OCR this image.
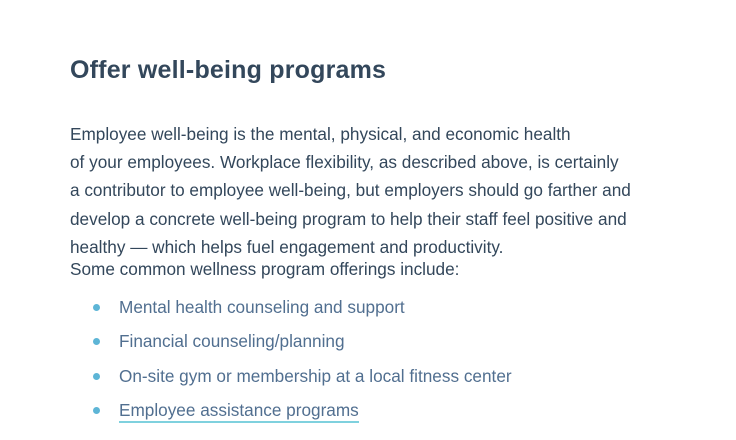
Offer well-being programs

Employee well-being is the mental, physical, and economic health
of your employees. Workplace flexibility, as described above, is certainly
a contributor to employee well-being, but employers should go farther and
develop a concrete well-being program to help their staff feel positive and
healthy — which helps fuel engagement and productivity.

Some common wellness program offerings include:

Mental health counseling and support
Financial counseling/planning
On-site gym or membership at a local fitness center
Employee assistance programs
